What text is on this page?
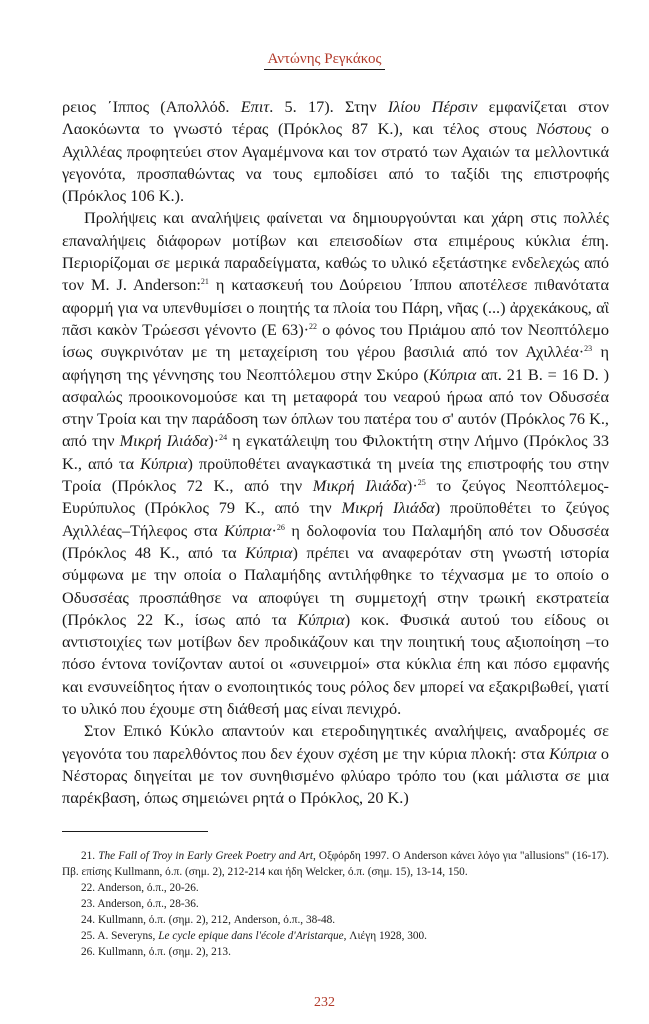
Αντώνης Ρεγκάκος

ρειος ΄Ιππος (Απολλόδ. Επιτ. 5. 17). Στην Ιλίου Πέρσιν εμφανίζεται στον Λαοκόωντα το γνωστό τέρας (Πρόκλος 87 Κ.), και τέλος στους Νόστους ο Αχιλλέας προφητεύει στον Αγαμέμνονα και τον στρατό των Αχαιών τα μελλοντικά γεγονότα, προσπαθώντας να τους εμποδίσει από το ταξίδι της επιστροφής (Πρόκλος 106 Κ.).

Προλήψεις και αναλήψεις φαίνεται να δημιουργούνται και χάρη στις πολλές επαναλήψεις διάφορων μοτίβων και επεισοδίων στα επιμέρους κύκλια έπη. Περιορίζομαι σε μερικά παραδείγματα, καθώς το υλικό εξετάστηκε ενδελεχώς από τον M. J. Anderson:$^{21}$ η κατασκευή του Δούρειου ΄Ιππου αποτέλεσε πιθανότατα αφορμή για να υπενθυμίσει ο ποιητής τα πλοία του Πάρη, νῆας (...) ἀρχεκάκους, αἳ πᾶσι κακὸν Τρώεσσι γένοντο (Ε 63)·$^{22}$ ο φόνος του Πριάμου από τον Νεοπτόλεμο ίσως συγκρινόταν με τη μεταχείριση του γέρου βασιλιά από τον Αχιλλέα·$^{23}$ η αφήγηση της γέννησης του Νεοπτόλεμου στην Σκύρο (Κύπρια απ. 21 Β. = 16 D. ) ασφαλώς προοικονομούσε και τη μεταφορά του νεαρού ήρωα από τον Οδυσσέα στην Τροία και την παράδοση των όπλων του πατέρα του σ' αυτόν (Πρόκλος 76 Κ., από την Μικρή Ιλιάδα)·$^{24}$ η εγκατάλειψη του Φιλοκτήτη στην Λήμνο (Πρόκλος 33 Κ., από τα Κύπρια) προϋποθέτει αναγκαστικά τη μνεία της επιστροφής του στην Τροία (Πρόκλος 72 Κ., από την Μικρή Ιλιάδα)·$^{25}$ το ζεύγος Νεοπτόλεμος-Ευρύπυλος (Πρόκλος 79 Κ., από την Μικρή Ιλιάδα) προϋποθέτει το ζεύγος Αχιλλέας–Τήλεφος στα Κύπρια·$^{26}$ η δολοφονία του Παλαμήδη από τον Οδυσσέα (Πρόκλος 48 Κ., από τα Κύπρια) πρέπει να αναφερόταν στη γνωστή ιστορία σύμφωνα με την οποία ο Παλαμήδης αντιλήφθηκε το τέχνασμα με το οποίο ο Οδυσσέας προσπάθησε να αποφύγει τη συμμετοχή στην τρωική εκστρατεία (Πρόκλος 22 Κ., ίσως από τα Κύπρια) κοκ. Φυσικά αυτού του είδους οι αντιστοιχίες των μοτίβων δεν προδικάζουν και την ποιητική τους αξιοποίηση –το πόσο έντονα τονίζονταν αυτοί οι «συνειρμοί» στα κύκλια έπη και πόσο εμφανής και ενσυνείδητος ήταν ο ενοποιητικός τους ρόλος δεν μπορεί να εξακριβωθεί, γιατί το υλικό που έχουμε στη διάθεσή μας είναι πενιχρό.

Στον Επικό Κύκλο απαντούν και ετεροδιηγητικές αναλήψεις, αναδρομές σε γεγονότα του παρελθόντος που δεν έχουν σχέση με την κύρια πλοκή: στα Κύπρια ο Νέστορας διηγείται με τον συνηθισμένο φλύαρο τρόπο του (και μάλιστα σε μια παρέκβαση, όπως σημειώνει ρητά ο Πρόκλος, 20 Κ.)

21. The Fall of Troy in Early Greek Poetry and Art, Οξφόρδη 1997. Ο Anderson κάνει λόγο για "allusions" (16-17). Πβ. επίσης Kullmann, ό.π. (σημ. 2), 212-214 και ήδη Welcker, ό.π. (σημ. 15), 13-14, 150.

22. Anderson, ό.π., 20-26.

23. Anderson, ό.π., 28-36.

24. Kullmann, ό.π. (σημ. 2), 212, Anderson, ό.π., 38-48.

25. A. Severyns, Le cycle epique dans l'école d'Aristarque, Λιέγη 1928, 300.

26. Kullmann, ό.π. (σημ. 2), 213.

232
